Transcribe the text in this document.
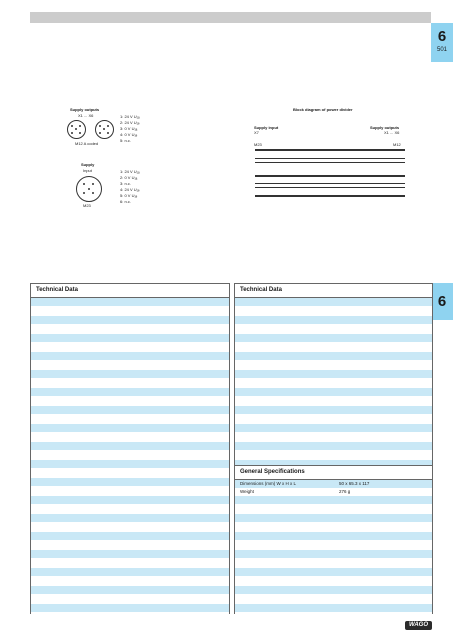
6
501
6
Supply outputs
X1 ... X6
M12 A coded
1: 24 V U₁ₐ
2: 24 V U₁ₑ
3: 0 V U₁ₐ
4: 0 V U₁ₑ
5: n.c.
Supply
Input
M23
1: 24 V U₁ₐ
2: 0 V U₁ₐ
3: n.c.
4: 24 V U₁ₑ
5: 0 V U₁ₑ
6: n.c.
Block diagram of power divider
Supply input
X7
Supply outputs
X1 ... X6
M23	M12
Technical Data	Technical Data
General Specifications
Dimensions (mm) W x H x L	50 x 65.3 x 117
Weight	276 g
WAGO
